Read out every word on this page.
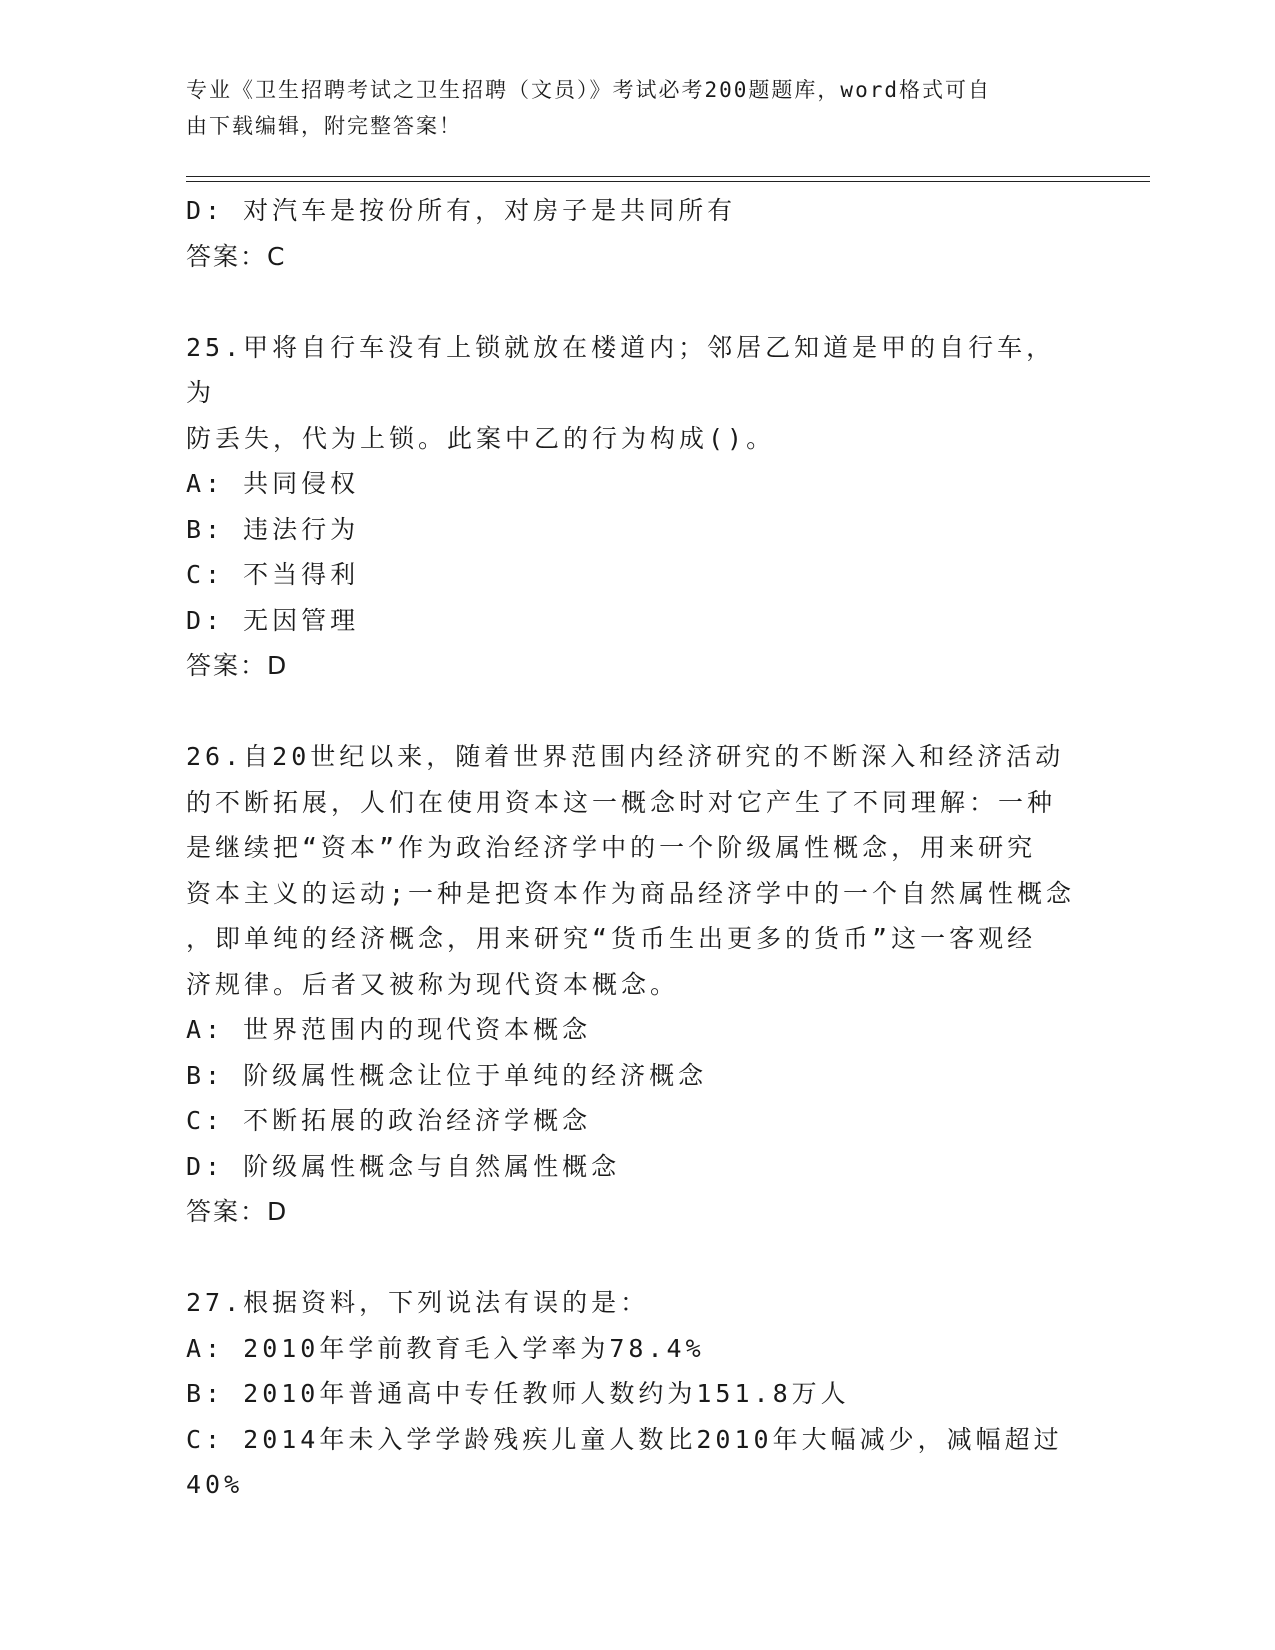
专业《卫生招聘考试之卫生招聘（文员）》考试必考200题题库，word格式可自
由下载编辑，附完整答案！
D: 对汽车是按份所有，对房子是共同所有
答案：C
25.甲将自行车没有上锁就放在楼道内；邻居乙知道是甲的自行车，为
防丢失，代为上锁。此案中乙的行为构成()。
A: 共同侵权
B: 违法行为
C: 不当得利
D: 无因管理
答案：D
26.自20世纪以来，随着世界范围内经济研究的不断深入和经济活动
的不断拓展，人们在使用资本这一概念时对它产生了不同理解：一种
是继续把“资本”作为政治经济学中的一个阶级属性概念，用来研究
资本主义的运动;一种是把资本作为商品经济学中的一个自然属性概念
，即单纯的经济概念，用来研究“货币生出更多的货币”这一客观经
济规律。后者又被称为现代资本概念。
A: 世界范围内的现代资本概念
B: 阶级属性概念让位于单纯的经济概念
C: 不断拓展的政治经济学概念
D: 阶级属性概念与自然属性概念
答案：D
27.根据资料，下列说法有误的是：
A: 2010年学前教育毛入学率为78.4%
B: 2010年普通高中专任教师人数约为151.8万人
C: 2014年未入学学龄残疾儿童人数比2010年大幅减少，减幅超过
40%
